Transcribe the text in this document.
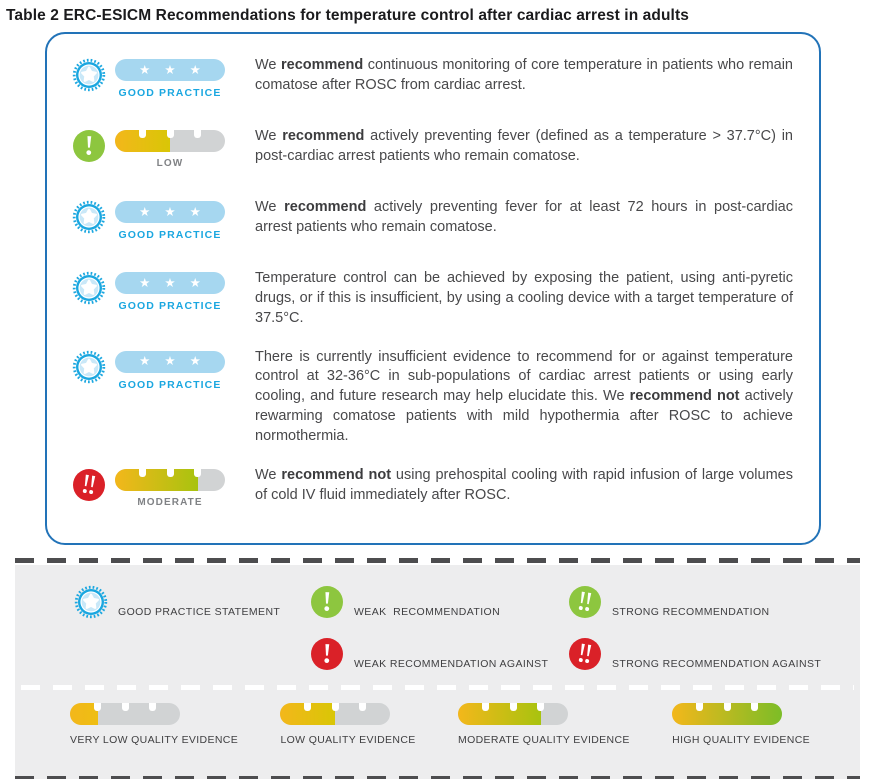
Table 2 ERC-ESICM Recommendations for temperature control after cardiac arrest in adults
★ ★ ★
GOOD PRACTICE
We recommend continuous monitoring of core temperature in patients who remain comatose after ROSC from cardiac arrest.
LOW
We recommend actively preventing fever (defined as a temperature > 37.7°C) in post-cardiac arrest patients who remain comatose.
★ ★ ★
GOOD PRACTICE
We recommend actively preventing fever for at least 72 hours in post-cardiac arrest patients who remain comatose.
★ ★ ★
GOOD PRACTICE
Temperature control can be achieved by exposing the patient, using anti-pyretic drugs, or if this is insufficient, by using a cooling device with a target temperature of 37.5°C.
★ ★ ★
GOOD PRACTICE
There is currently insufficient evidence to recommend for or against temperature control at 32-36°C in sub-populations of cardiac arrest patients or using early cooling, and future research may help elucidate this. We recommend not actively rewarming comatose patients with mild hypothermia after ROSC to achieve normothermia.
MODERATE
We recommend not using prehospital cooling with rapid infusion of large volumes of cold IV fluid immediately after ROSC.
GOOD PRACTICE STATEMENT	WEAK  RECOMMENDATION	STRONG RECOMMENDATION
WEAK RECOMMENDATION AGAINST	STRONG RECOMMENDATION AGAINST
VERY LOW QUALITY EVIDENCE	LOW QUALITY EVIDENCE	MODERATE QUALITY EVIDENCE	HIGH QUALITY EVIDENCE
